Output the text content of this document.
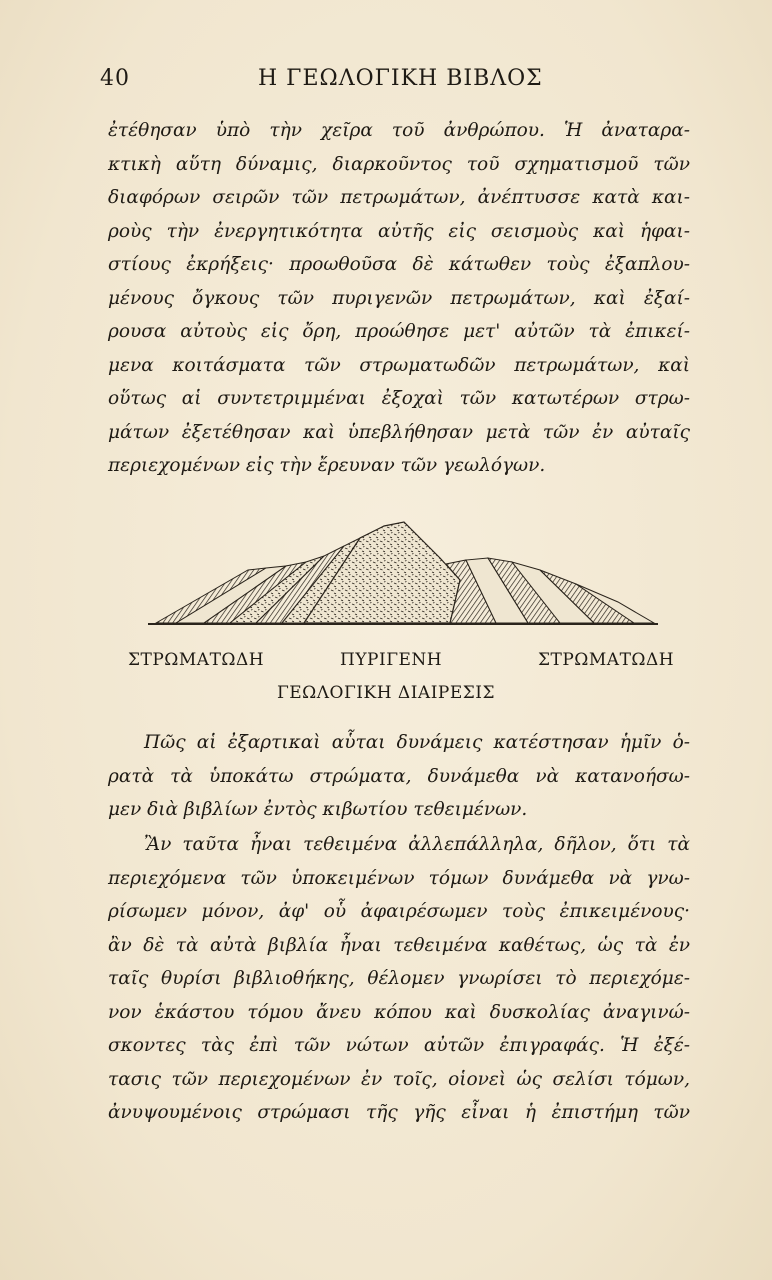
40	Η ΓΕΩΛΟΓΙΚΗ ΒΙΒΛΟΣ
ἐτέθησαν ὑπὸ τὴν χεῖρα τοῦ ἀνθρώπου. Ἡ ἀναταρα-
κτικὴ αὕτη δύναμις, διαρκοῦντος τοῦ σχηματισμοῦ τῶν
διαφόρων σειρῶν τῶν πετρωμάτων, ἀνέπτυσσε κατὰ και-
ροὺς τὴν ἐνεργητικότητα αὐτῆς εἰς σεισμοὺς καὶ ἡφαι-
στίους ἐκρήξεις· προωθοῦσα δὲ κάτωθεν τοὺς ἐξαπλου-
μένους ὄγκους τῶν πυριγενῶν πετρωμάτων, καὶ ἐξαί-
ρουσα αὐτοὺς εἰς ὄρη, προώθησε μετ' αὐτῶν τὰ ἐπικεί-
μενα κοιτάσματα τῶν στρωματωδῶν πετρωμάτων, καὶ
οὕτως αἱ συντετριμμέναι ἐξοχαὶ τῶν κατωτέρων στρω-
μάτων ἐξετέθησαν καὶ ὑπεβλήθησαν μετὰ τῶν ἐν αὐταῖς
περιεχομένων εἰς τὴν ἔρευναν τῶν γεωλόγων.
ΣΤΡΩΜΑΤΩΔΗ	ΠΥΡΙΓΕΝΗ	ΣΤΡΩΜΑΤΩΔΗ
ΓΕΩΛΟΓΙΚΗ ΔΙΑΙΡΕΣΙΣ
Πῶς αἱ ἐξαρτικαὶ αὗται δυνάμεις κατέστησαν ἡμῖν ὁ-
ρατὰ τὰ ὑποκάτω στρώματα, δυνάμεθα νὰ κατανοήσω-
μεν διὰ βιβλίων ἐντὸς κιβωτίου τεθειμένων.
Ἂν ταῦτα ἦναι τεθειμένα ἀλλεπάλληλα, δῆλον, ὅτι τὰ
περιεχόμενα τῶν ὑποκειμένων τόμων δυνάμεθα νὰ γνω-
ρίσωμεν μόνον, ἀφ' οὗ ἀφαιρέσωμεν τοὺς ἐπικειμένους·
ἂν δὲ τὰ αὐτὰ βιβλία ἦναι τεθειμένα καθέτως, ὡς τὰ ἐν
ταῖς θυρίσι βιβλιοθήκης, θέλομεν γνωρίσει τὸ περιεχόμε-
νον ἑκάστου τόμου ἄνευ κόπου καὶ δυσκολίας ἀναγινώ-
σκοντες τὰς ἐπὶ τῶν νώτων αὐτῶν ἐπιγραφάς. Ἡ ἐξέ-
τασις τῶν περιεχομένων ἐν τοῖς, οἱονεὶ ὡς σελίσι τόμων,
ἀνυψουμένοις στρώμασι τῆς γῆς εἶναι ἡ ἐπιστήμη τῶν
